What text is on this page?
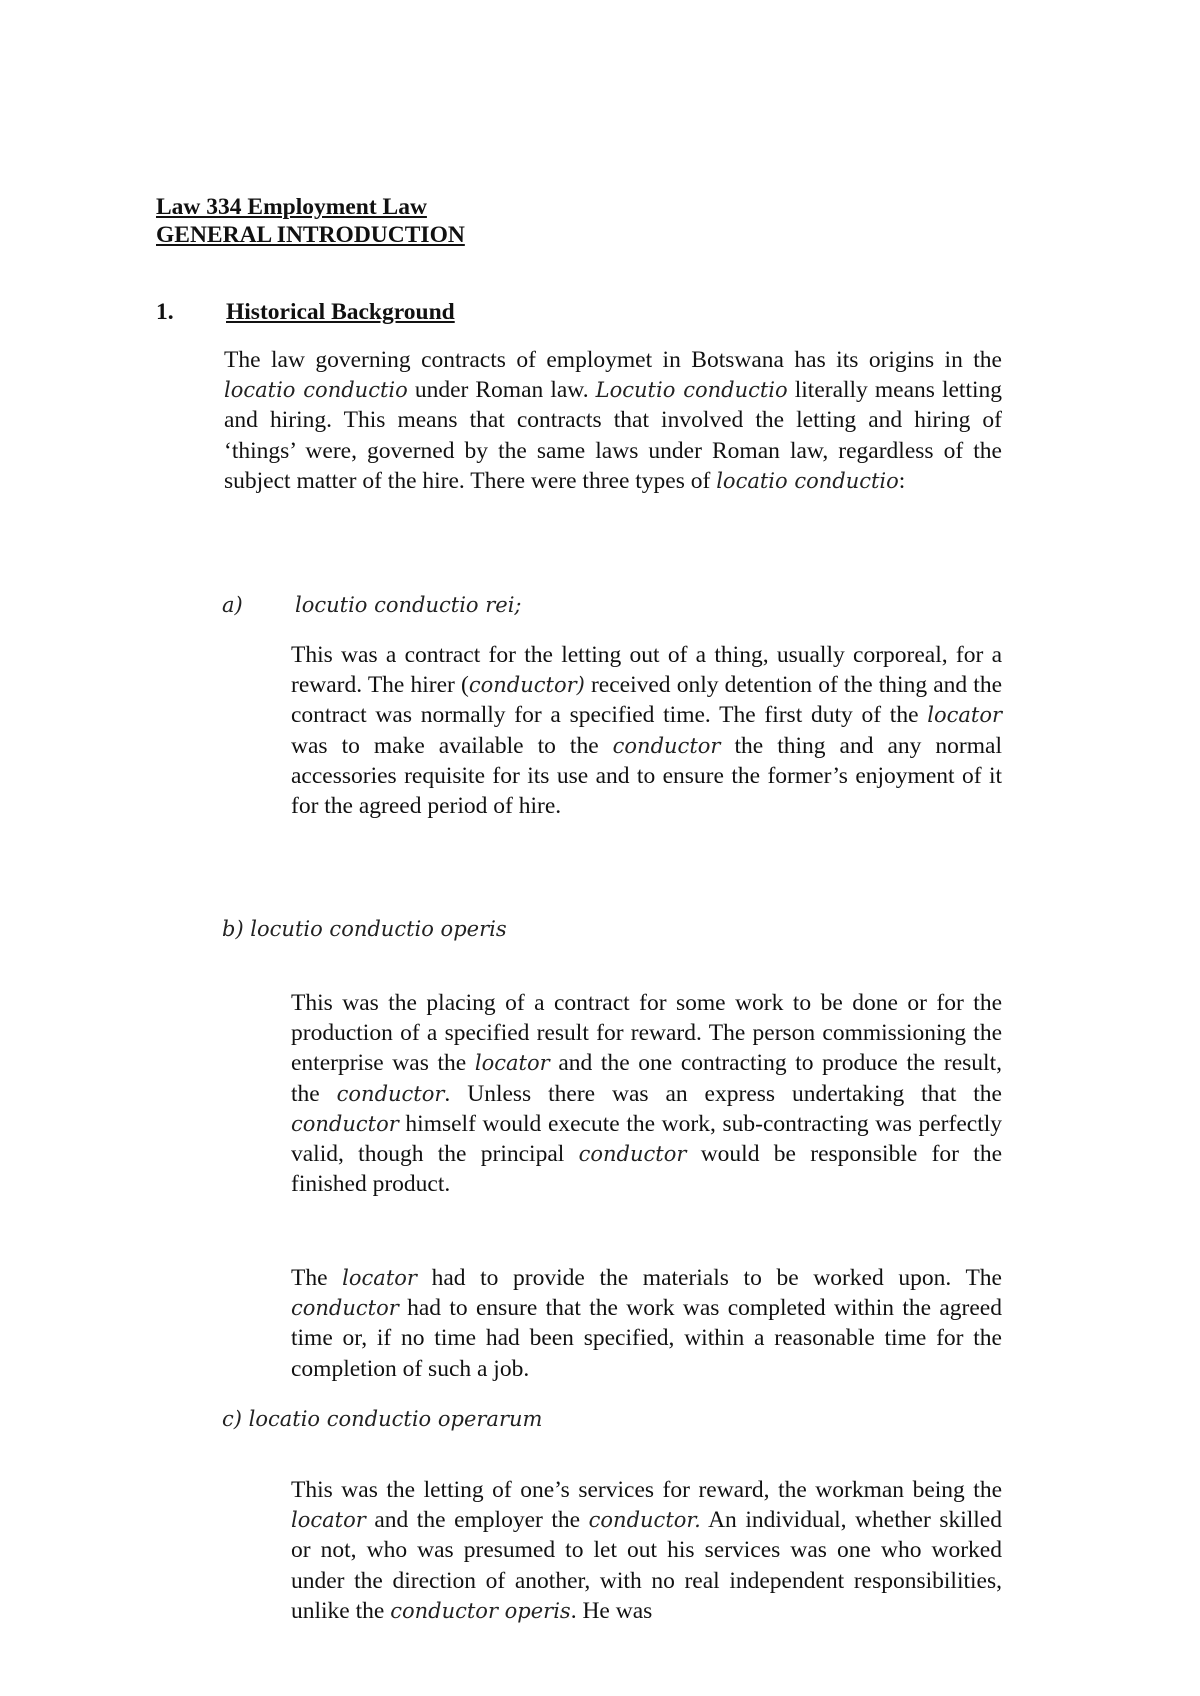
Law 334 Employment Law
GENERAL INTRODUCTION
1. Historical Background

The law governing contracts of employmet in Botswana has its origins in the locatio conductio under Roman law. Locutio conductio literally means letting and hiring. This means that contracts that involved the letting and hiring of ‘things’ were, governed by the same laws under Roman law, regardless of the subject matter of the hire. There were three types of locatio conductio:

a) locutio conductio rei;

This was a contract for the letting out of a thing, usually corporeal, for a reward. The hirer (conductor) received only detention of the thing and the contract was normally for a specified time. The first duty of the locator was to make available to the conductor the thing and any normal accessories requisite for its use and to ensure the former’s enjoyment of it for the agreed period of hire.

b) locutio conductio operis

This was the placing of a contract for some work to be done or for the production of a specified result for reward. The person commissioning the enterprise was the locator and the one contracting to produce the result, the conductor. Unless there was an express undertaking that the conductor himself would execute the work, sub-contracting was perfectly valid, though the principal conductor would be responsible for the finished product.

The locator had to provide the materials to be worked upon. The conductor had to ensure that the work was completed within the agreed time or, if no time had been specified, within a reasonable time for the completion of such a job.

c) locatio conductio operarum

This was the letting of one’s services for reward, the workman being the locator and the employer the conductor. An individual, whether skilled or not, who was presumed to let out his services was one who worked under the direction of another, with no real independent responsibilities, unlike the conductor operis. He was
